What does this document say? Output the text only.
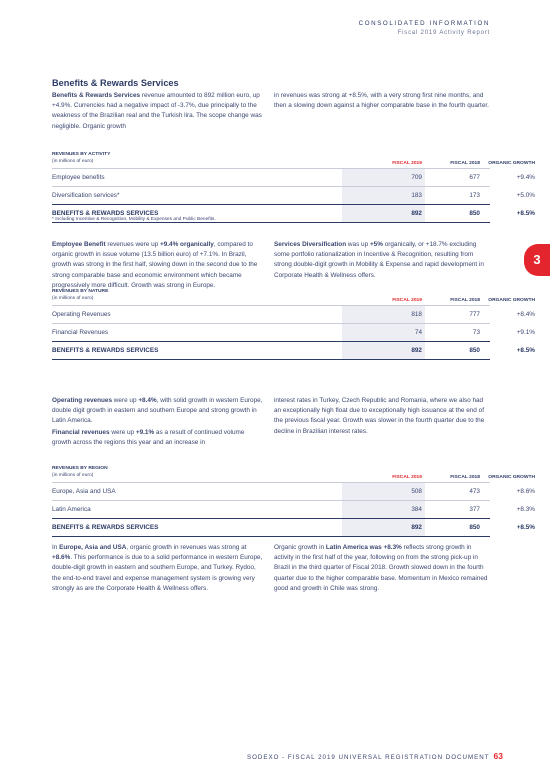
CONSOLIDATED INFORMATION
Fiscal 2019 Activity Report
Benefits & Rewards Services

Benefits & Rewards Services revenue amounted to 892 million euro, up +4.9%. Currencies had a negative impact of -3.7%, due principally to the weakness of the Brazilian real and the Turkish lira. The scope change was negligible. Organic growth

in revenues was strong at +8.5%, with a very strong first nine months, and then a slowing down against a higher comparable base in the fourth quarter.

REVENUES BY ACTIVITY
(in millions of euro)	FISCAL 2019	FISCAL 2018	ORGANIC GROWTH
Employee benefits	709	677	+9.4%
Diversification services*	183	173	+5.0%
BENEFITS & REWARDS SERVICES	892	850	+8.5%
* Including Incentive & Recognition, Mobility & Expenses and Public Benefits.

Employee Benefit revenues were up +9.4% organically, compared to organic growth in issue volume (13.5 billion euro) of +7.1%. In Brazil, growth was strong in the first half, slowing down in the second due to the strong comparable base and economic environment which became progressively more difficult. Growth was strong in Europe.

Services Diversification was up +5% organically, or +18.7% excluding some portfolio rationalization in Incentive & Recognition, resulting from strong double-digit growth in Mobility & Expense and rapid development in Corporate Health & Wellness offers.

3
REVENUES BY NATURE
(in millions of euro)	FISCAL 2019	FISCAL 2018	ORGANIC GROWTH
Operating Revenues	818	777	+8.4%
Financial Revenues	74	73	+9.1%
BENEFITS & REWARDS SERVICES	892	850	+8.5%

Operating revenues were up +8.4%, with solid growth in western Europe, double digit growth in eastern and southern Europe and strong growth in Latin America.

Financial revenues were up +9.1% as a result of continued volume growth across the regions this year and an increase in

interest rates in Turkey, Czech Republic and Romania, where we also had an exceptionally high float due to exceptionally high issuance at the end of the previous fiscal year. Growth was slower in the fourth quarter due to the decline in Brazilian interest rates.

REVENUES BY REGION
(in millions of euro)	FISCAL 2019	FISCAL 2018	ORGANIC GROWTH
Europe, Asia and USA	508	473	+8.6%
Latin America	384	377	+8.3%
BENEFITS & REWARDS SERVICES	892	850	+8.5%

In Europe, Asia and USA, organic growth in revenues was strong at +8.6%. This performance is due to a solid performance in western Europe, double-digit growth in eastern and southern Europe, and Turkey. Rydoo, the end-to-end travel and expense management system is growing very strongly as are the Corporate Health & Wellness offers.

Organic growth in Latin America was +8.3% reflects strong growth in activity in the first half of the year, following on from the strong pick-up in Brazil in the third quarter of Fiscal 2018. Growth slowed down in the fourth quarter due to the higher comparable base. Momentum in Mexico remained good and growth in Chile was strong.

SODEXO - FISCAL 2019 UNIVERSAL REGISTRATION DOCUMENT 63
